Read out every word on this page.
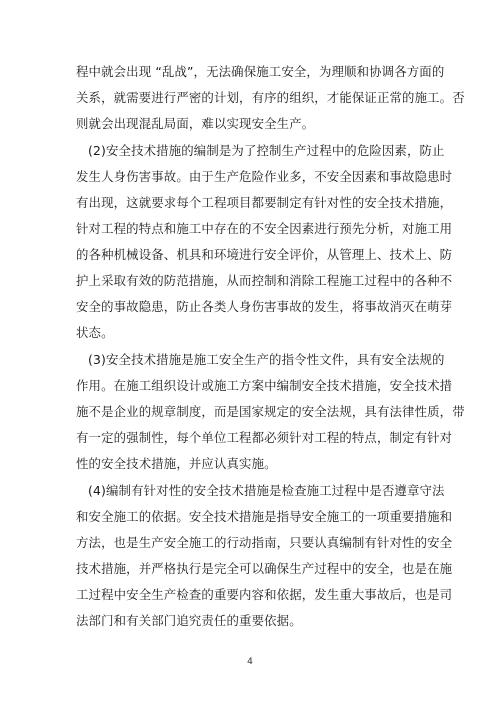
程中就会出现 “乱战”，无法确保施工安全，为理顺和协调各方面的
关系，就需要进行严密的计划，有序的组织，才能保证正常的施工。否
则就会出现混乱局面，难以实现安全生产。
(2)安全技术措施的编制是为了控制生产过程中的危险因素，防止
发生人身伤害事故。由于生产危险作业多，不安全因素和事故隐患时
有出现，这就要求每个工程项目都要制定有针对性的安全技术措施，
针对工程的特点和施工中存在的不安全因素进行预先分析，对施工用
的各种机械设备、机具和环境进行安全评价，从管理上、技术上、防
护上采取有效的防范措施，从而控制和消除工程施工过程中的各种不
安全的事故隐患，防止各类人身伤害事故的发生，将事故消灭在萌芽
状态。
(3)安全技术措施是施工安全生产的指令性文件，具有安全法规的
作用。在施工组织设计或施工方案中编制安全技术措施，安全技术措
施不是企业的规章制度，而是国家规定的安全法规，具有法律性质，带
有一定的强制性，每个单位工程都必须针对工程的特点，制定有针对
性的安全技术措施，并应认真实施。
(4)编制有针对性的安全技术措施是检查施工过程中是否遵章守法
和安全施工的依据。安全技术措施是指导安全施工的一项重要措施和
方法，也是生产安全施工的行动指南，只要认真编制有针对性的安全
技术措施，并严格执行是完全可以确保生产过程中的安全，也是在施
工过程中安全生产检查的重要内容和依据，发生重大事故后，也是司
法部门和有关部门追究责任的重要依据。
4
